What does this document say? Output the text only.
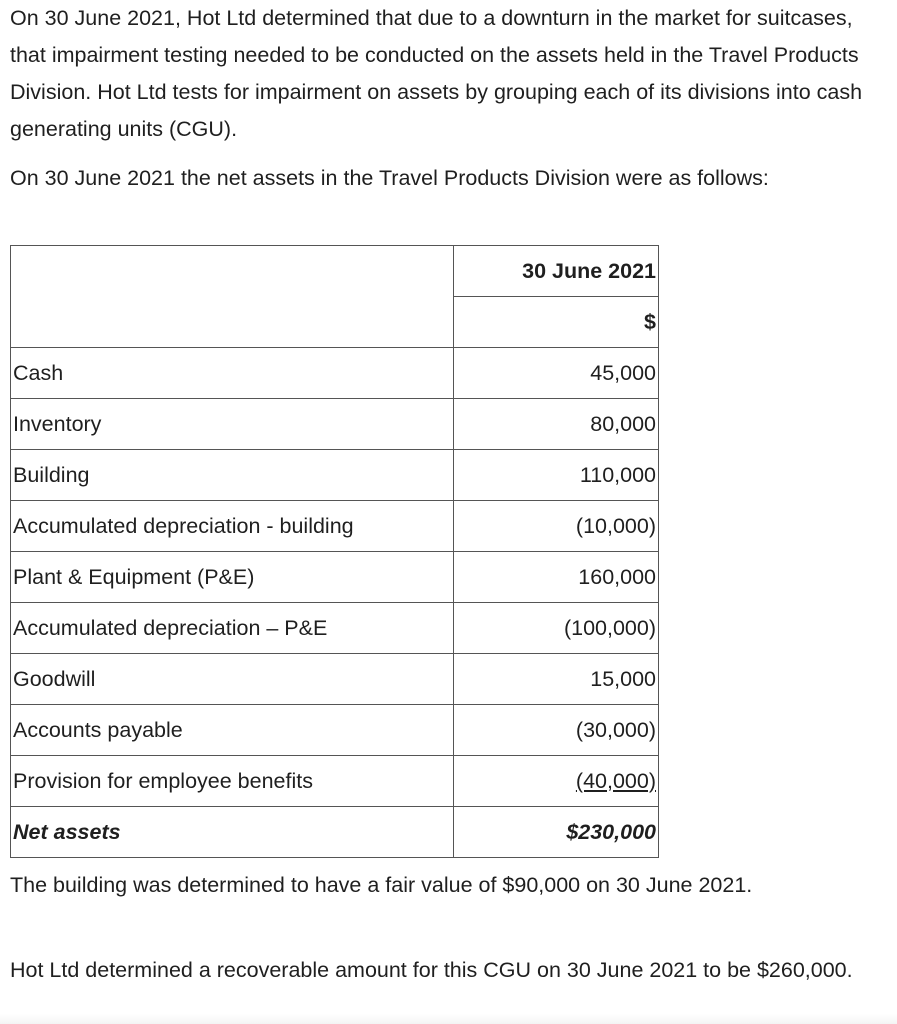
On 30 June 2021, Hot Ltd determined that due to a downturn in the market for suitcases, that impairment testing needed to be conducted on the assets held in the Travel Products Division. Hot Ltd tests for impairment on assets by grouping each of its divisions into cash generating units (CGU).

On 30 June 2021 the net assets in the Travel Products Division were as follows:

	30 June 2021
	$
Cash	45,000
Inventory	80,000
Building	110,000
Accumulated depreciation - building	(10,000)
Plant & Equipment (P&E)	160,000
Accumulated depreciation – P&E	(100,000)
Goodwill	15,000
Accounts payable	(30,000)
Provision for employee benefits	(40,000)
Net assets	$230,000

The building was determined to have a fair value of $90,000 on 30 June 2021.

Hot Ltd determined a recoverable amount for this CGU on 30 June 2021 to be $260,000.
